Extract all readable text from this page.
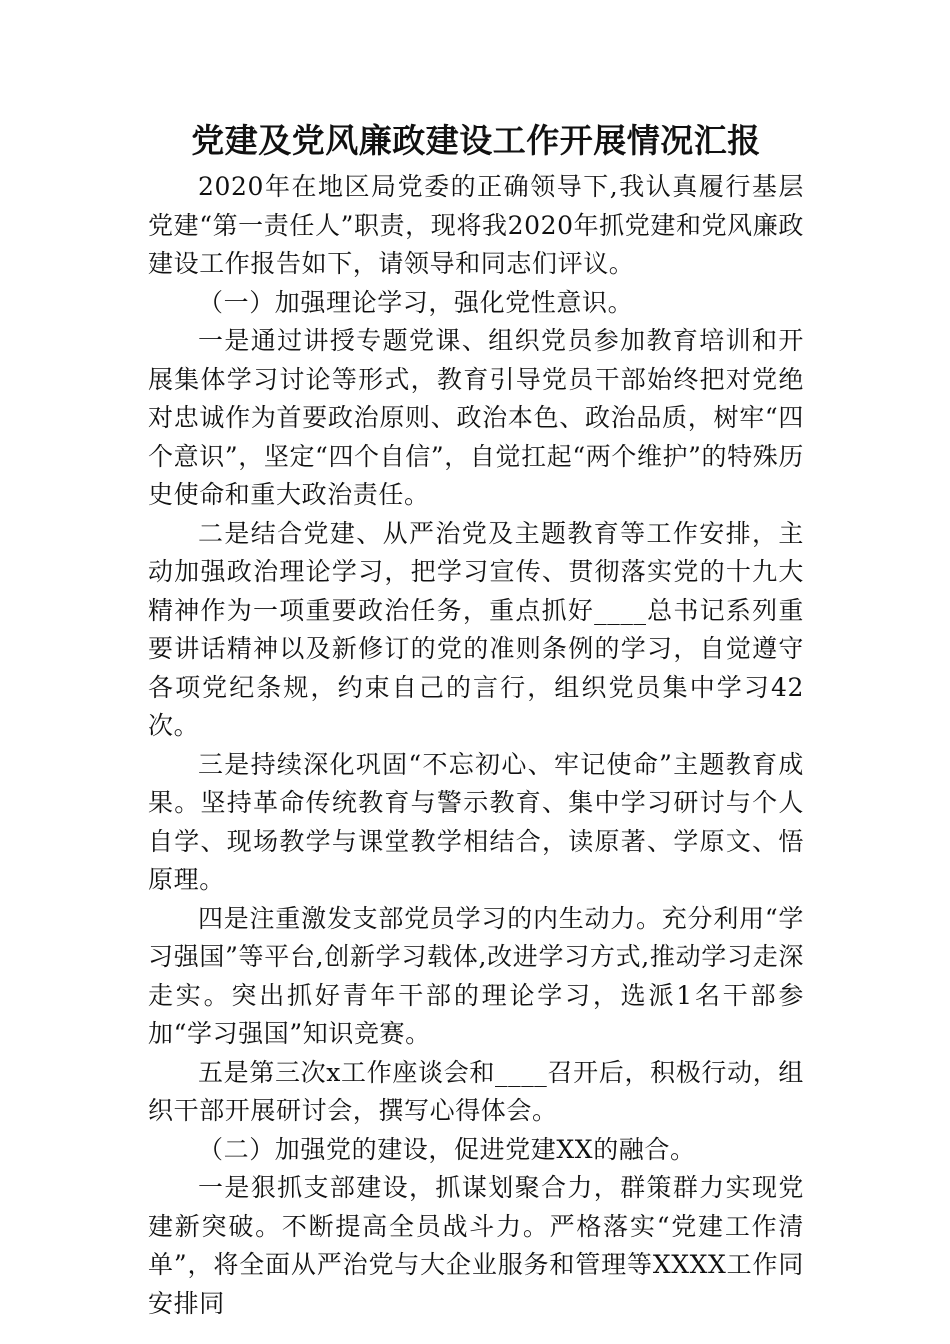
党建及党风廉政建设工作开展情况汇报

2020年在地区局党委的正确领导下,我认真履行基层党建“第一责任人”职责，现将我2020年抓党建和党风廉政建设工作报告如下，请领导和同志们评议。

（一）加强理论学习，强化党性意识。

一是通过讲授专题党课、组织党员参加教育培训和开展集体学习讨论等形式，教育引导党员干部始终把对党绝对忠诚作为首要政治原则、政治本色、政治品质，树牢“四个意识”，坚定“四个自信”，自觉扛起“两个维护”的特殊历史使命和重大政治责任。

二是结合党建、从严治党及主题教育等工作安排，主动加强政治理论学习，把学习宣传、贯彻落实党的十九大精神作为一项重要政治任务，重点抓好____总书记系列重要讲话精神以及新修订的党的准则条例的学习，自觉遵守各项党纪条规，约束自己的言行，组织党员集中学习42次。

三是持续深化巩固“不忘初心、牢记使命”主题教育成果。坚持革命传统教育与警示教育、集中学习研讨与个人自学、现场教学与课堂教学相结合，读原著、学原文、悟原理。

四是注重激发支部党员学习的内生动力。充分利用“学习强国”等平台,创新学习载体,改进学习方式,推动学习走深走实。突出抓好青年干部的理论学习，选派1名干部参加“学习强国”知识竞赛。

五是第三次x工作座谈会和____召开后，积极行动，组织干部开展研讨会，撰写心得体会。

（二）加强党的建设，促进党建XX的融合。

一是狠抓支部建设，抓谋划聚合力，群策群力实现党建新突破。不断提高全员战斗力。严格落实“党建工作清单”，将全面从严治党与大企业服务和管理等XXXX工作同安排同
